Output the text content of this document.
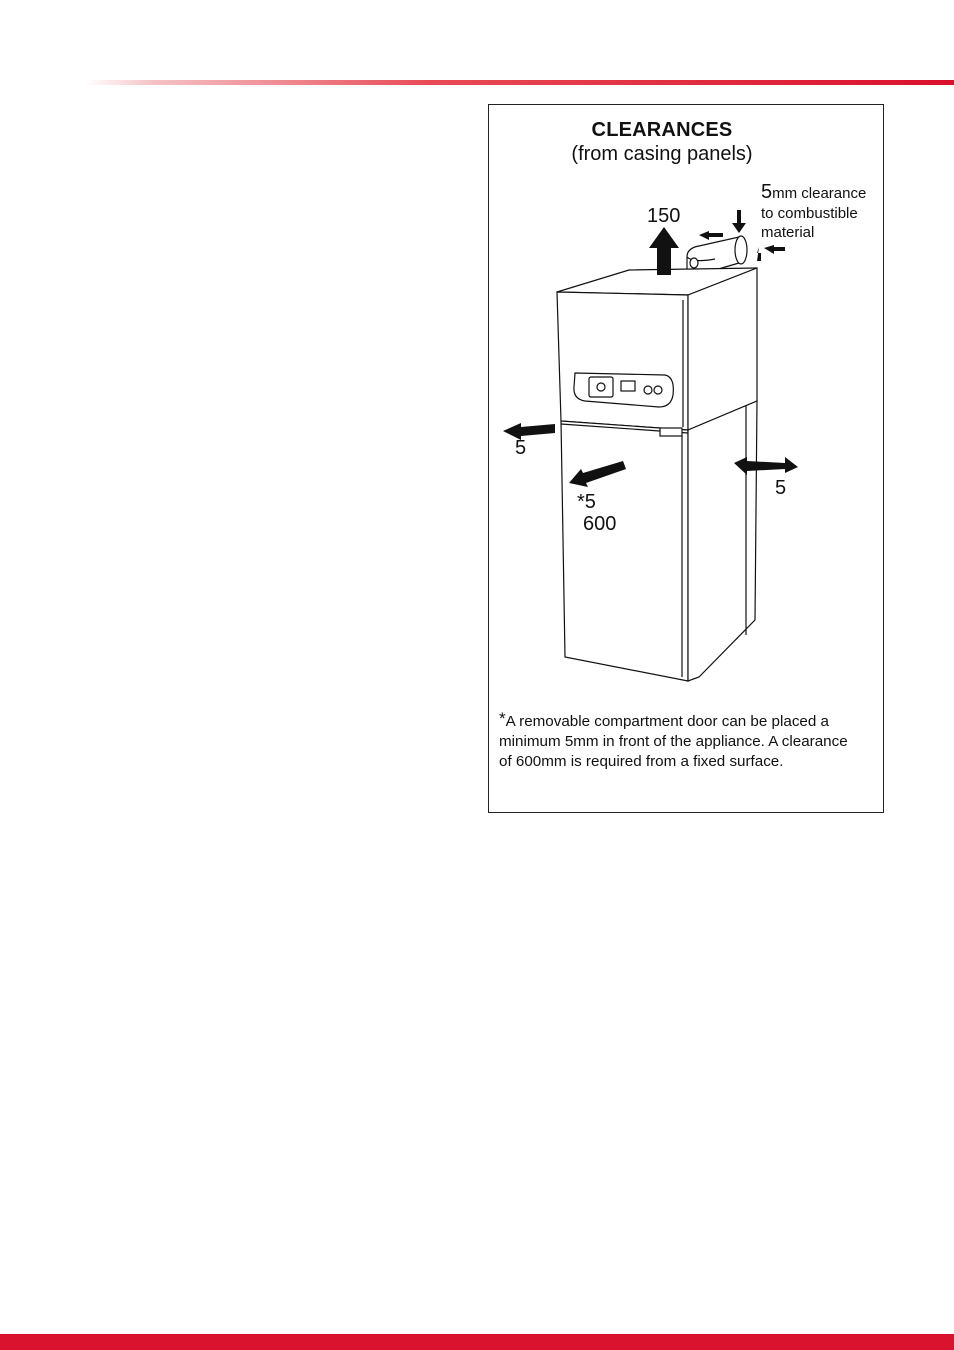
CLEARANCES
(from casing panels)
150
5
5
*5
600
5mm clearance
to combustible
material
*A removable compartment door can be placed a
minimum 5mm in front of the appliance. A clearance
of 600mm is required from a fixed surface.
